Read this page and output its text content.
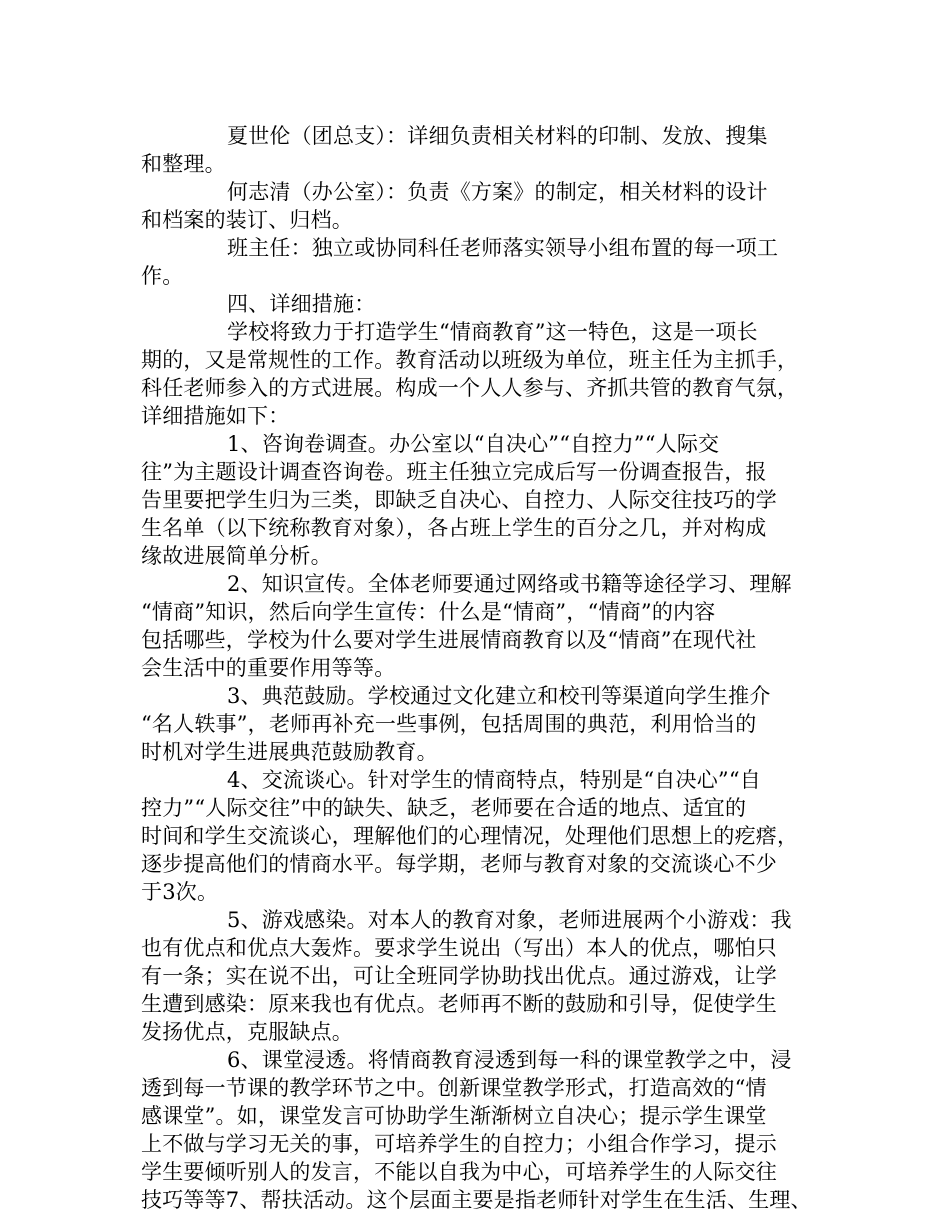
夏世伦（团总支）：详细负责相关材料的印制、发放、搜集
和整理。
何志清（办公室）：负责《方案》的制定，相关材料的设计
和档案的装订、归档。
班主任：独立或协同科任老师落实领导小组布置的每一项工
作。
四、详细措施：
学校将致力于打造学生“情商教育”这一特色，这是一项长
期的，又是常规性的工作。教育活动以班级为单位，班主任为主抓手，
科任老师参入的方式进展。构成一个人人参与、齐抓共管的教育气氛，
详细措施如下：
1、咨询卷调查。办公室以“自决心”“自控力”“人际交
往”为主题设计调查咨询卷。班主任独立完成后写一份调查报告，报
告里要把学生归为三类，即缺乏自决心、自控力、人际交往技巧的学
生名单（以下统称教育对象），各占班上学生的百分之几，并对构成
缘故进展简单分析。
2、知识宣传。全体老师要通过网络或书籍等途径学习、理解
“情商”知识，然后向学生宣传：什么是“情商”，“情商”的内容
包括哪些，学校为什么要对学生进展情商教育以及“情商”在现代社
会生活中的重要作用等等。
3、典范鼓励。学校通过文化建立和校刊等渠道向学生推介
“名人轶事”，老师再补充一些事例，包括周围的典范，利用恰当的
时机对学生进展典范鼓励教育。
4、交流谈心。针对学生的情商特点，特别是“自决心”“自
控力”“人际交往”中的缺失、缺乏，老师要在合适的地点、适宜的
时间和学生交流谈心，理解他们的心理情况，处理他们思想上的疙瘩，
逐步提高他们的情商水平。每学期，老师与教育对象的交流谈心不少
于3次。
5、游戏感染。对本人的教育对象，老师进展两个小游戏：我
也有优点和优点大轰炸。要求学生说出（写出）本人的优点，哪怕只
有一条；实在说不出，可让全班同学协助找出优点。通过游戏，让学
生遭到感染：原来我也有优点。老师再不断的鼓励和引导，促使学生
发扬优点，克服缺点。
6、课堂浸透。将情商教育浸透到每一科的课堂教学之中，浸
透到每一节课的教学环节之中。创新课堂教学形式，打造高效的“情
感课堂”。如，课堂发言可协助学生渐渐树立自决心；提示学生课堂
上不做与学习无关的事，可培养学生的自控力；小组合作学习，提示
学生要倾听别人的发言，不能以自我为中心，可培养学生的人际交往
技巧等等7、帮扶活动。这个层面主要是指老师针对学生在生活、生理、
